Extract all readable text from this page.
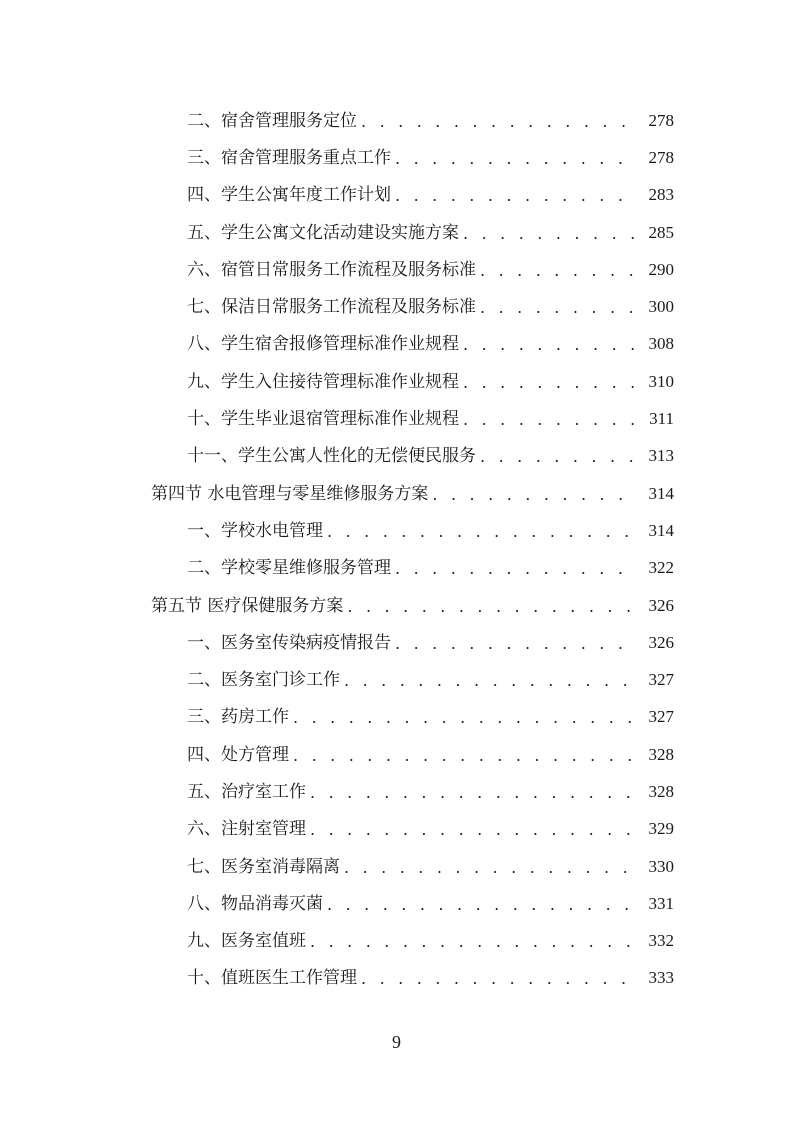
二、宿舍管理服务定位 . . .	278
三、宿舍管理服务重点工作 . . .	278
四、学生公寓年度工作计划 . . .	283
五、学生公寓文化活动建设实施方案 . . .	285
六、宿管日常服务工作流程及服务标准 . . .	290
七、保洁日常服务工作流程及服务标准 . . .	300
八、学生宿舍报修管理标准作业规程 . . .	308
九、学生入住接待管理标准作业规程 . . .	310
十、学生毕业退宿管理标准作业规程 . . .	311
十一、学生公寓人性化的无偿便民服务 . . .	313
第四节 水电管理与零星维修服务方案 . . .	314
一、学校水电管理 . . .	314
二、学校零星维修服务管理 . . .	322
第五节 医疗保健服务方案 . . .	326
一、医务室传染病疫情报告 . . .	326
二、医务室门诊工作 . . .	327
三、药房工作 . . .	327
四、处方管理 . . .	328
五、治疗室工作 . . .	328
六、注射室管理 . . .	329
七、医务室消毒隔离 . . .	330
八、物品消毒灭菌 . . .	331
九、医务室值班 . . .	332
十、值班医生工作管理 . . .	333
9
